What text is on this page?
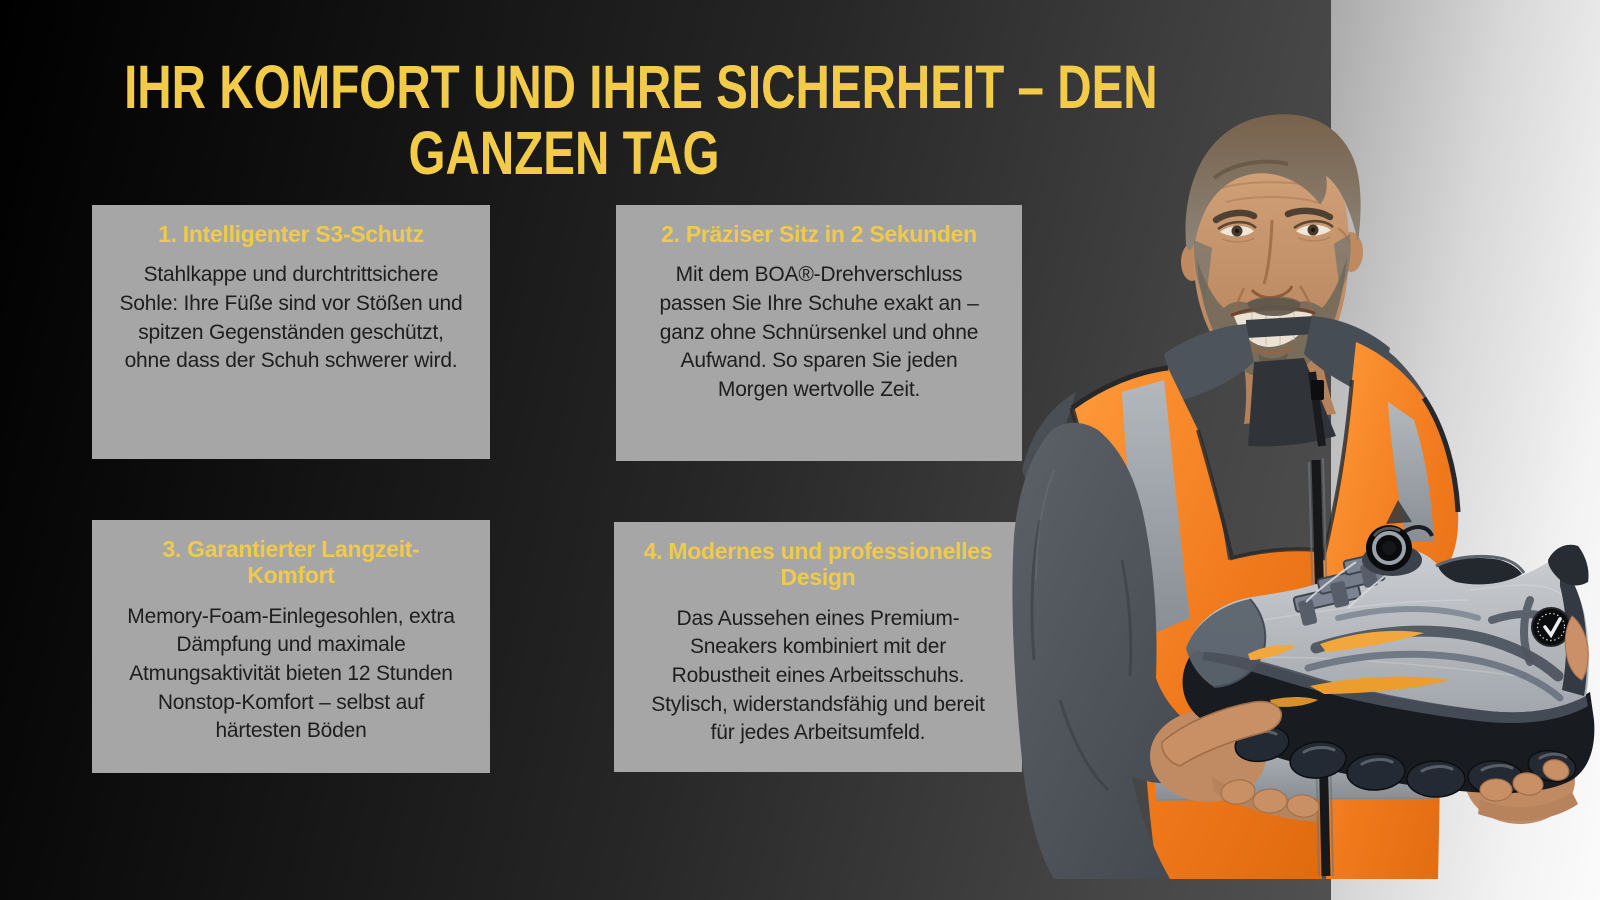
IHR KOMFORT UND IHRE SICHERHEIT – DEN
GANZEN TAG
1. Intelligenter S3-Schutz

Stahlkappe und durchtrittsichere Sohle: Ihre Füße sind vor Stößen und spitzen Gegenständen geschützt, ohne dass der Schuh schwerer wird.

2. Präziser Sitz in 2 Sekunden

Mit dem BOA®-Drehverschluss passen Sie Ihre Schuhe exakt an – ganz ohne Schnürsenkel und ohne Aufwand. So sparen Sie jeden Morgen wertvolle Zeit.

3. Garantierter Langzeit-Komfort

Memory-Foam-Einlegesohlen, extra Dämpfung und maximale Atmungsaktivität bieten 12 Stunden Nonstop-Komfort – selbst auf härtesten Böden

4. Modernes und professionelles Design

Das Aussehen eines Premium-Sneakers kombiniert mit der Robustheit eines Arbeitsschuhs. Stylisch, widerstandsfähig und bereit für jedes Arbeitsumfeld.
